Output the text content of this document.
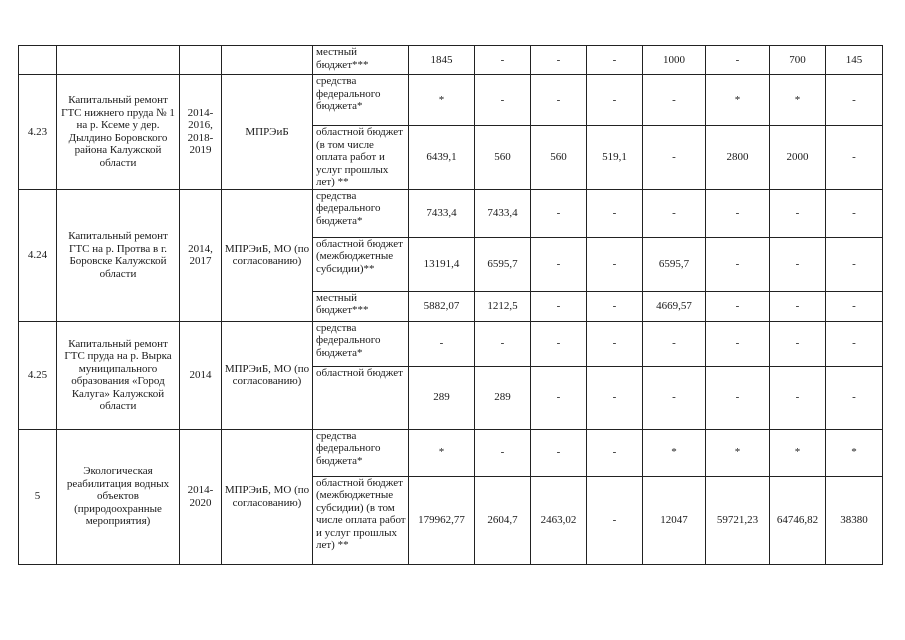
				местный бюджет***	1845	-	-	-	1000	-	700	145
4.23	Капитальный ремонт ГТС нижнего пруда № 1 на р. Ксеме у дер. Дылдино Боровского района Калужской области	2014-2016, 2018-2019	МПРЭиБ	средства федерального бюджета*	*	-	-	-	-	*	*	-
				областной бюджет (в том числе оплата работ и услуг прошлых лет) **	6439,1	560	560	519,1	-	2800	2000	-
4.24	Капитальный ремонт ГТС на р. Протва в г. Боровске Калужской области	2014, 2017	МПРЭиБ, МО (по согласованию)	средства федерального бюджета*	7433,4	7433,4	-	-	-	-	-	-
				областной бюджет (межбюджетные субсидии)**	13191,4	6595,7	-	-	6595,7	-	-	-
				местный бюджет***	5882,07	1212,5	-	-	4669,57	-	-	-
4.25	Капитальный ремонт ГТС пруда на р. Вырка муниципального образования «Город Калуга» Калужской области	2014	МПРЭиБ, МО (по согласованию)	средства федерального бюджета*	-	-	-	-	-	-	-	-
				областной бюджет	289	289	-	-	-	-	-	-
5	Экологическая реабилитация водных объектов (природоохранные мероприятия)	2014-2020	МПРЭиБ, МО (по согласованию)	средства федерального бюджета*	*	-	-	-	*	*	*	*
				областной бюджет (межбюджетные субсидии) (в том числе оплата работ и услуг прошлых лет) **	179962,77	2604,7	2463,02	-	12047	59721,23	64746,82	38380
